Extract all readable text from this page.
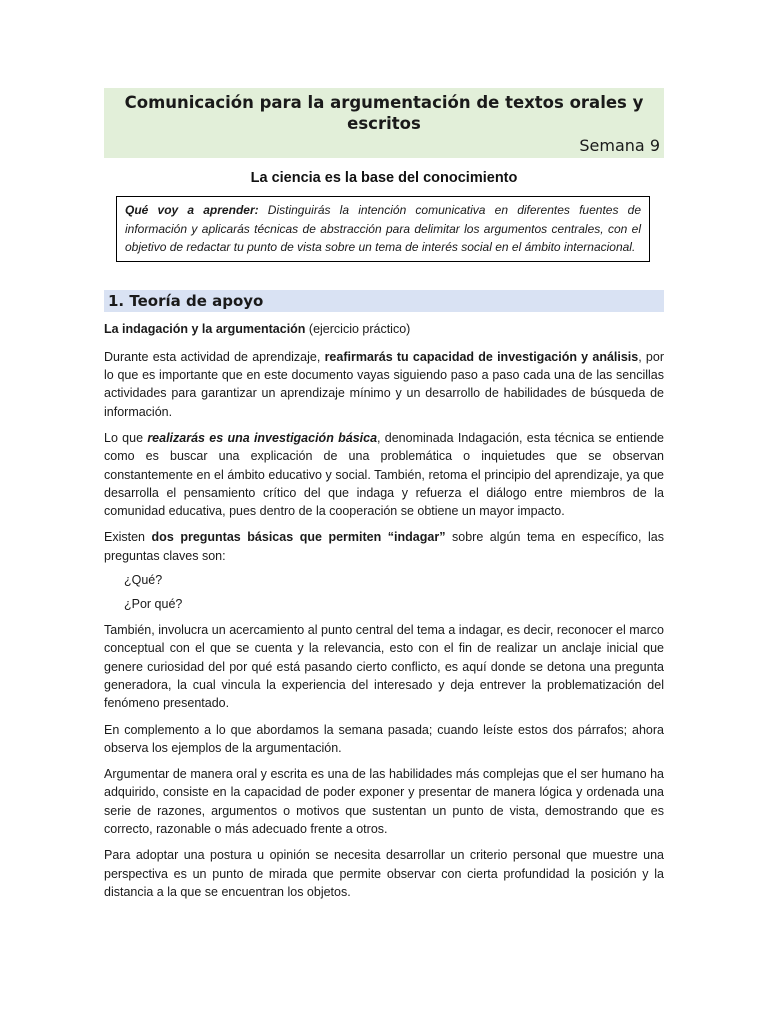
Comunicación para la argumentación de textos orales y escritos

Semana 9

La ciencia es la base del conocimiento

Qué voy a aprender: Distinguirás la intención comunicativa en diferentes fuentes de información y aplicarás técnicas de abstracción para delimitar los argumentos centrales, con el objetivo de redactar tu punto de vista sobre un tema de interés social en el ámbito internacional.
1. Teoría de apoyo

La indagación y la argumentación (ejercicio práctico)

Durante esta actividad de aprendizaje, reafirmarás tu capacidad de investigación y análisis, por lo que es importante que en este documento vayas siguiendo paso a paso cada una de las sencillas actividades para garantizar un aprendizaje mínimo y un desarrollo de habilidades de búsqueda de información.

Lo que realizarás es una investigación básica, denominada Indagación, esta técnica se entiende como es buscar una explicación de una problemática o inquietudes que se observan constantemente en el ámbito educativo y social. También, retoma el principio del aprendizaje, ya que desarrolla el pensamiento crítico del que indaga y refuerza el diálogo entre miembros de la comunidad educativa, pues dentro de la cooperación se obtiene un mayor impacto.

Existen dos preguntas básicas que permiten “indagar” sobre algún tema en específico, las preguntas claves son:

¿Qué?

¿Por qué?

También, involucra un acercamiento al punto central del tema a indagar, es decir, reconocer el marco conceptual con el que se cuenta y la relevancia, esto con el fin de realizar un anclaje inicial que genere curiosidad del por qué está pasando cierto conflicto, es aquí donde se detona una pregunta generadora, la cual vincula la experiencia del interesado y deja entrever la problematización del fenómeno presentado.

En complemento a lo que abordamos la semana pasada; cuando leíste estos dos párrafos; ahora observa los ejemplos de la argumentación.

Argumentar de manera oral y escrita es una de las habilidades más complejas que el ser humano ha adquirido, consiste en la capacidad de poder exponer y presentar de manera lógica y ordenada una serie de razones, argumentos o motivos que sustentan un punto de vista, demostrando que es correcto, razonable o más adecuado frente a otros.

Para adoptar una postura u opinión se necesita desarrollar un criterio personal que muestre una perspectiva es un punto de mirada que permite observar con cierta profundidad la posición y la distancia a la que se encuentran los objetos.
